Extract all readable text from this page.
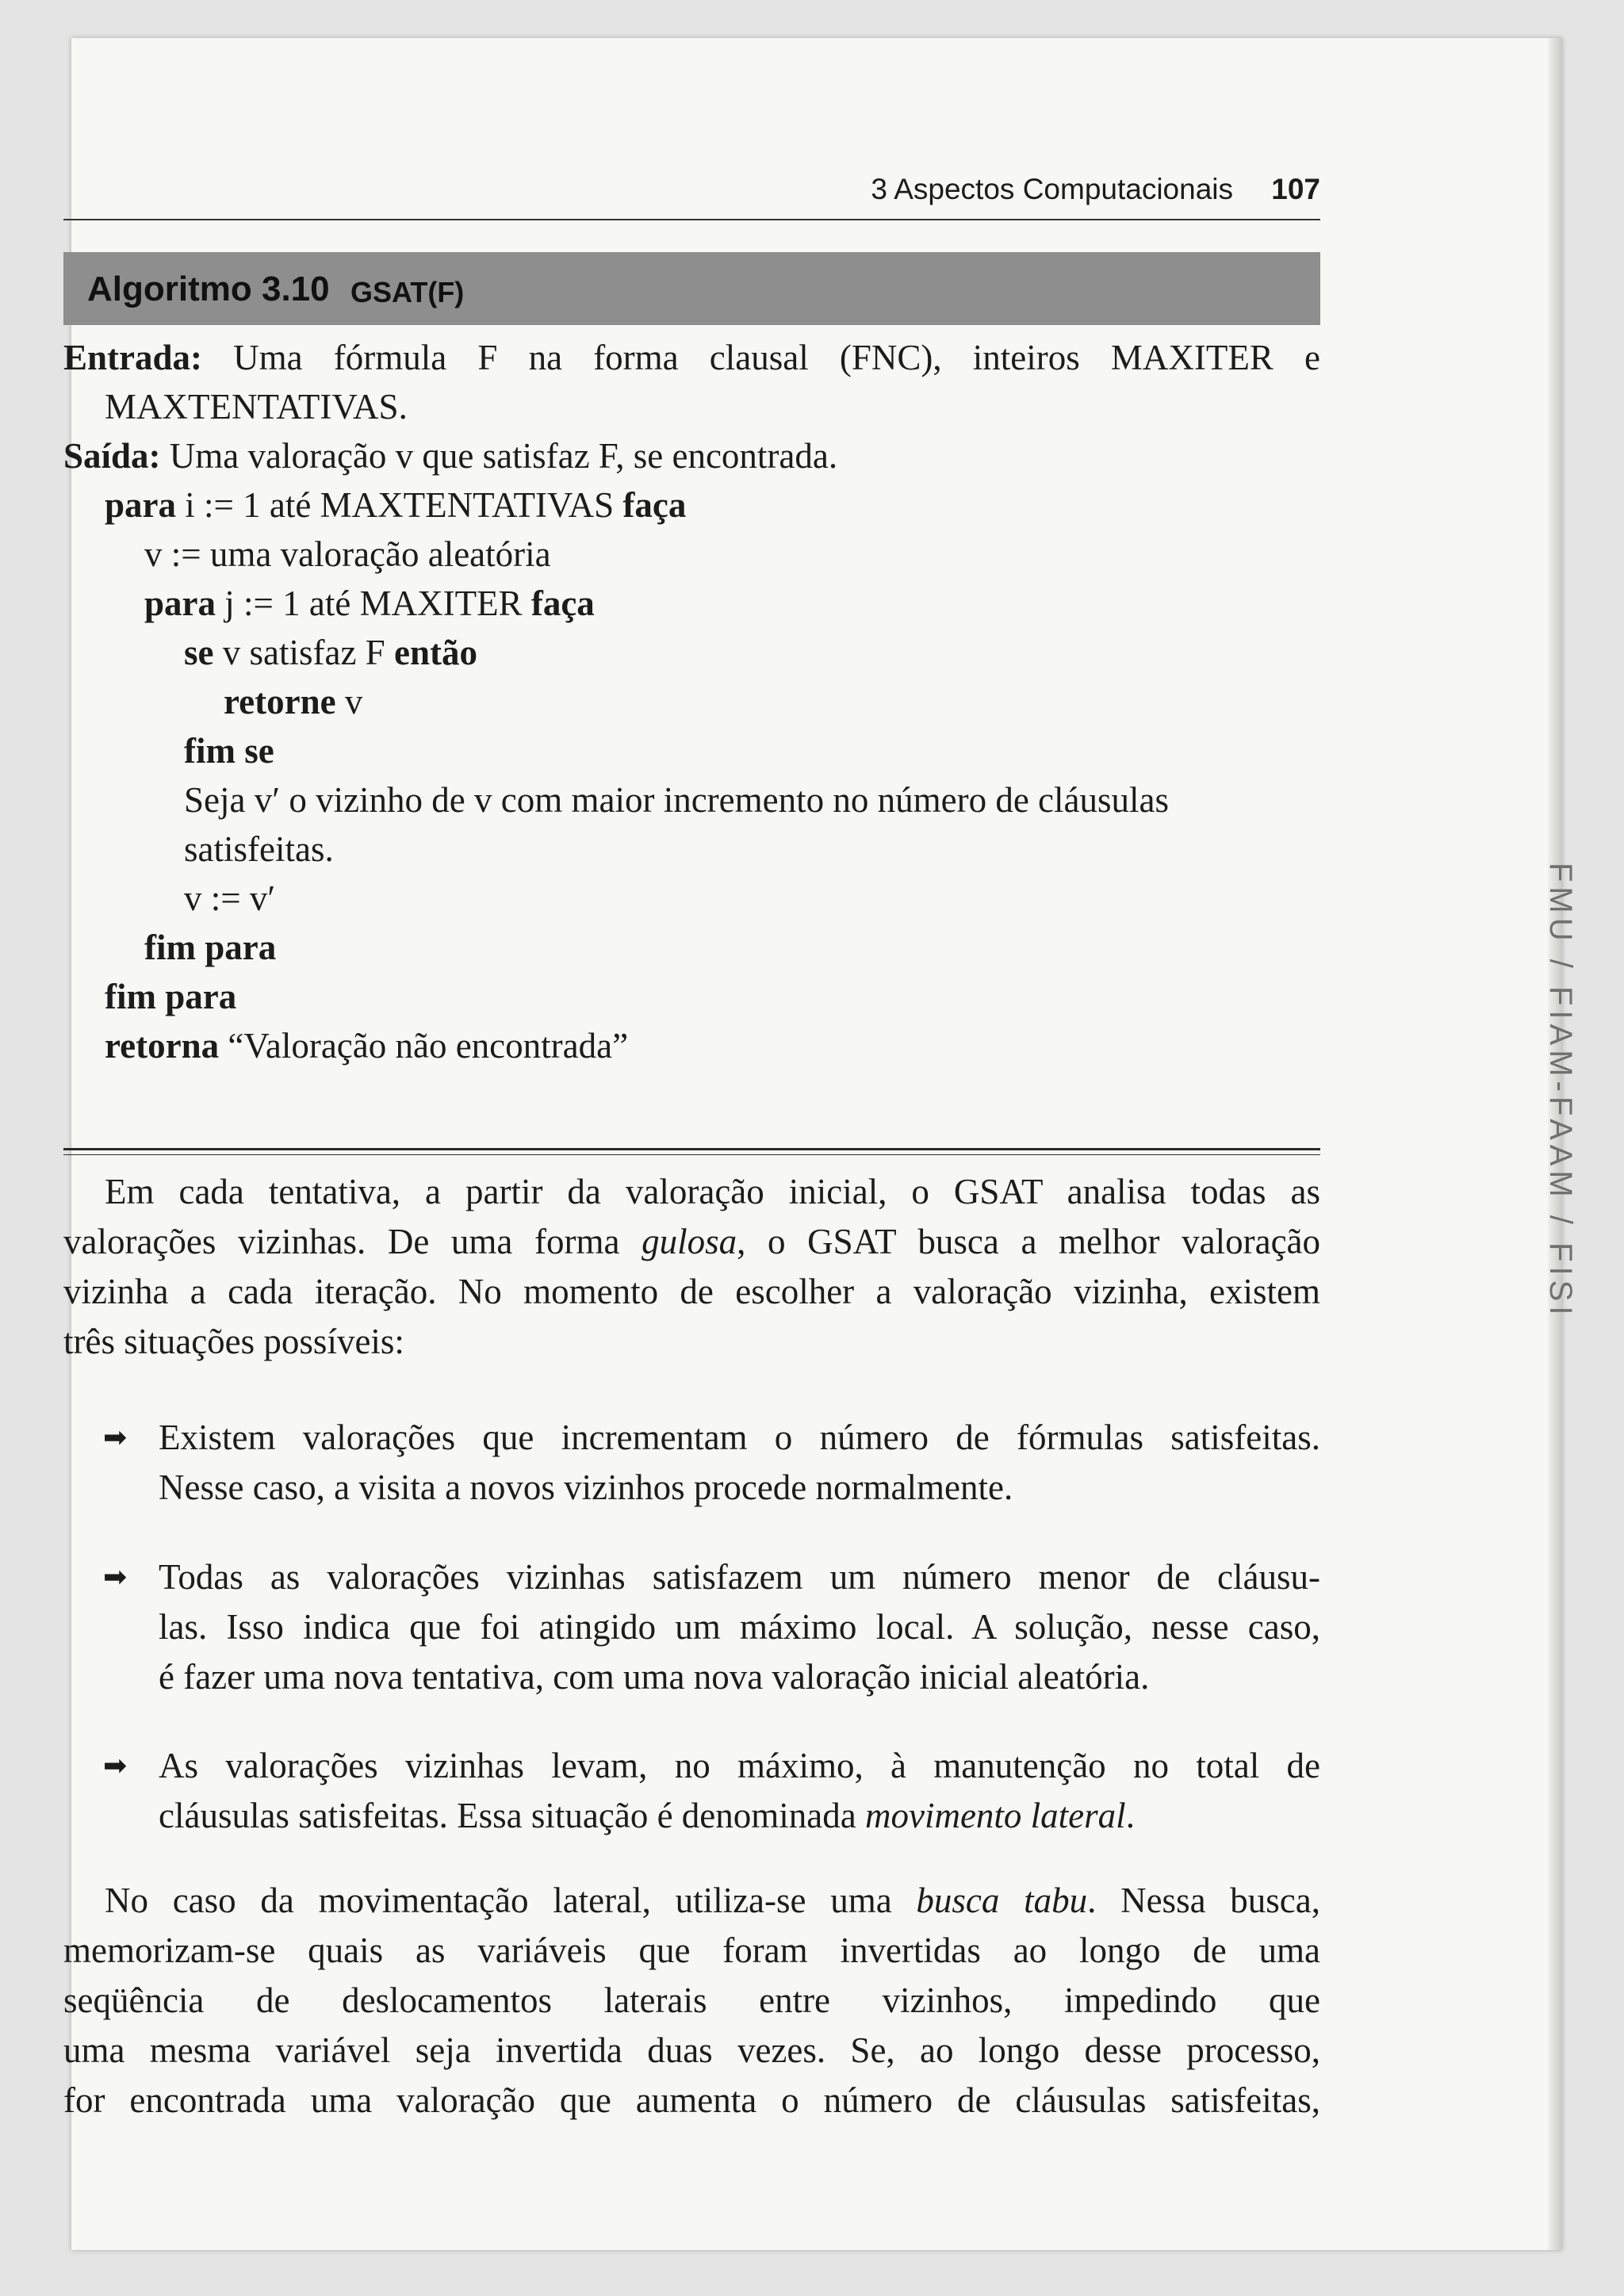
FMU / FIAM-FAAM / FISI
3 Aspectos Computacionais 107
Algoritmo 3.10 GSAT(F)
Entrada: Uma fórmula F na forma clausal (FNC), inteiros MAXITER e
MAXTENTATIVAS.
Saída: Uma valoração v que satisfaz F, se encontrada.
para i := 1 até MAXTENTATIVAS faça
v := uma valoração aleatória
para j := 1 até MAXITER faça
se v satisfaz F então
retorne v
fim se
Seja v′ o vizinho de v com maior incremento no número de cláusulas
satisfeitas.
v := v′
fim para
fim para
retorna “Valoração não encontrada”
Em cada tentativa, a partir da valoração inicial, o GSAT analisa todas as
valorações vizinhas. De uma forma gulosa, o GSAT busca a melhor valoração
vizinha a cada iteração. No momento de escolher a valoração vizinha, existem
três situações possíveis:
➡ Existem valorações que incrementam o número de fórmulas satisfeitas.
Nesse caso, a visita a novos vizinhos procede normalmente.
➡ Todas as valorações vizinhas satisfazem um número menor de cláusu-
las. Isso indica que foi atingido um máximo local. A solução, nesse caso,
é fazer uma nova tentativa, com uma nova valoração inicial aleatória.
➡ As valorações vizinhas levam, no máximo, à manutenção no total de
cláusulas satisfeitas. Essa situação é denominada movimento lateral.
No caso da movimentação lateral, utiliza-se uma busca tabu. Nessa busca,
memorizam-se quais as variáveis que foram invertidas ao longo de uma
seqüência de deslocamentos laterais entre vizinhos, impedindo que
uma mesma variável seja invertida duas vezes. Se, ao longo desse processo,
for encontrada uma valoração que aumenta o número de cláusulas satisfeitas,
